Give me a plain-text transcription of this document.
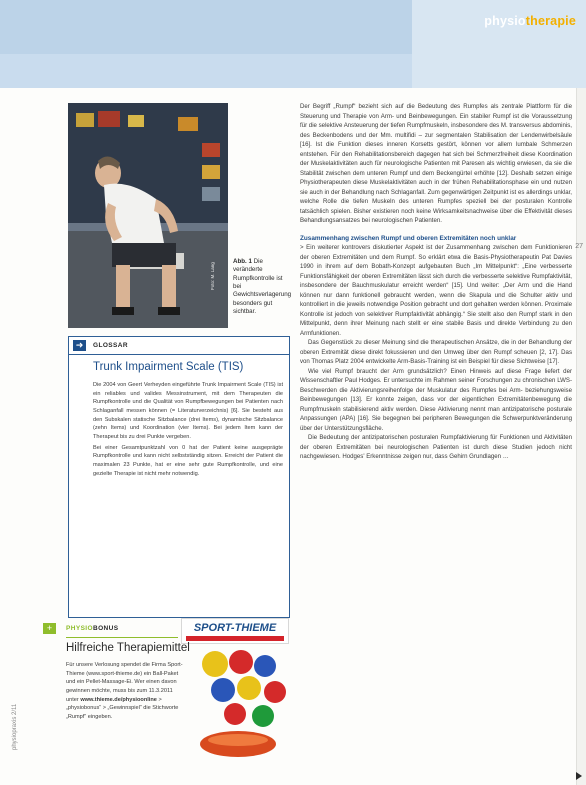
physiotherapie
27
physiopraxis 2/11
Foto: M. Lang
Abb. 1 Die veränderte Rumpfkontrolle ist bei Gewichtsverlagerung besonders gut sichtbar.
➜	GLOSSAR
Trunk Impairment Scale (TIS)

Die 2004 von Geert Verheyden eingeführte Trunk Impairment Scale (TIS) ist ein reliables und valides Messinstrument, mit dem Therapeuten die Rumpfkontrolle und die Qualität von Rumpfbewegungen bei Patienten nach Schlaganfall messen können (= Literaturverzeichnis) [6]. Sie besteht aus den Subskalen statische Sitzbalance (drei Items), dynamische Sitzbalance (zehn Items) und Koordination (vier Items). Bei jedem Item kann der Therapeut bis zu drei Punkte vergeben.

Bei einer Gesamtpunktzahl von 0 hat der Patient keine ausgeprägte Rumpfkontrolle und kann nicht selbstständig sitzen. Erreicht der Patient die maximalen 23 Punkte, hat er eine sehr gute Rumpfkontrolle, und eine gezielte Therapie ist nicht mehr notwendig.

+	PHYSIOBONUS	SPORT-THIEME
Hilfreiche Therapiemittel
Für unsere Verlosung spendet die Firma Sport-Thieme (www.sport-thieme.de) ein Ball-Paket und ein Pellet-Massage-Ei. Wer einen davon gewinnen möchte, muss bis zum 11.3.2011 unter www.thieme.de/physioonline > „physiobonus“ > „Gewinnspiel“ die Stichworte „Rumpf“ eingeben.

Der Begriff „Rumpf“ bezieht sich auf die Bedeutung des Rumpfes als zentrale Plattform für die Steuerung und Therapie von Arm- und Beinbewegungen. Ein stabiler Rumpf ist die Voraussetzung für die selektive Ansteuerung der tiefen Rumpfmuskeln, insbesondere des M. transversus abdominis, des Beckenbodens und der Mm. multifidi – zur segmentalen Stabilisation der Lendenwirbelsäule [16]. Ist die Funktion dieses inneren Korsetts gestört, können vor allem lumbale Schmerzen entstehen. Für den Rehabilitationsbereich dagegen hat sich bei Schmerzfreiheit diese Koordination der Muskelaktivitäten auch für neurologische Patienten mit Paresen als wichtig erwiesen, da sie die Stabilität zwischen dem unteren Rumpf und dem Beckengürtel erhöhte [12]. Deshalb setzen einige Physiotherapeuten diese Muskelaktivitäten auch in der frühen Rehabilitationsphase ein und nutzen sie auch in der Behandlung nach Schlaganfall. Zum gegenwärtigen Zeitpunkt ist es allerdings unklar, welche Rolle die tiefen Muskeln des unteren Rumpfes speziell bei der posturalen Kontrolle tatsächlich spielen. Bisher existieren noch keine Wirksamkeitsnachweise über die Effektivität dieses Behandlungsansatzes bei neurologischen Patienten.

Zusammenhang zwischen Rumpf und oberen Extremitäten noch unklar

> Ein weiterer kontrovers diskutierter Aspekt ist der Zusammenhang zwischen dem Funktionieren der oberen Extremitäten und dem Rumpf. So erklärt etwa die Basis-Physiotherapeutin Pat Davies 1990 in ihrem auf dem Bobath-Konzept aufgebauten Buch „Im Mittelpunkt“: „Eine verbesserte Funktionsfähigkeit der oberen Extremitäten lässt sich durch die verbesserte selektive Rumpfaktivität, insbesondere der Bauchmuskulatur erreicht werden“ [15]. Und weiter: „Der Arm und die Hand können nur dann funktionell gebraucht werden, wenn die Skapula und die Schulter aktiv und kontrolliert in die jeweils notwendige Position gebracht und dort gehalten werden können. Proximale Kontrolle ist jedoch von selektiver Rumpfaktivität abhängig.“ Sie stellt also den Rumpf stark in den Mittelpunkt, denn ihrer Meinung nach stellt er eine stabile Basis und direkte Verbindung zu den Armfunktionen.

Das Gegenstück zu dieser Meinung sind die therapeutischen Ansätze, die in der Behandlung der oberen Extremität diese direkt fokussieren und den Umweg über den Rumpf scheuen [2, 17]. Das von Thomas Platz 2004 entwickelte Arm-Basis-Training ist ein Beispiel für diese Sichtweise [17].

Wie viel Rumpf braucht der Arm grundsätzlich? Einen Hinweis auf diese Frage liefert der Wissenschaftler Paul Hodges. Er untersuchte im Rahmen seiner Forschungen zu chronischen LWS-Beschwerden die Aktivierungsreihenfolge der Muskulatur des Rumpfes bei Arm- beziehungsweise Beinbewegungen [13]. Er konnte zeigen, dass vor der eigentlichen Extremitätenbewegung die Rumpfmuskeln stabilisierend aktiv werden. Diese Aktivierung nennt man antizipatorische posturale Anpassungen (APA) [16]. Sie begegnen bei peripheren Bewegungen die Schwerpunktveränderung über der Unterstützungsfläche.

Die Bedeutung der antizipatorischen posturalen Rumpfaktivierung für Funktionen und Aktivitäten der oberen Extremitäten bei neurologischen Patienten ist durch diese Studien jedoch nicht nachgewiesen. Hodges' Erkenntnisse zeigen nur, dass Gehirn Grundlagen …
